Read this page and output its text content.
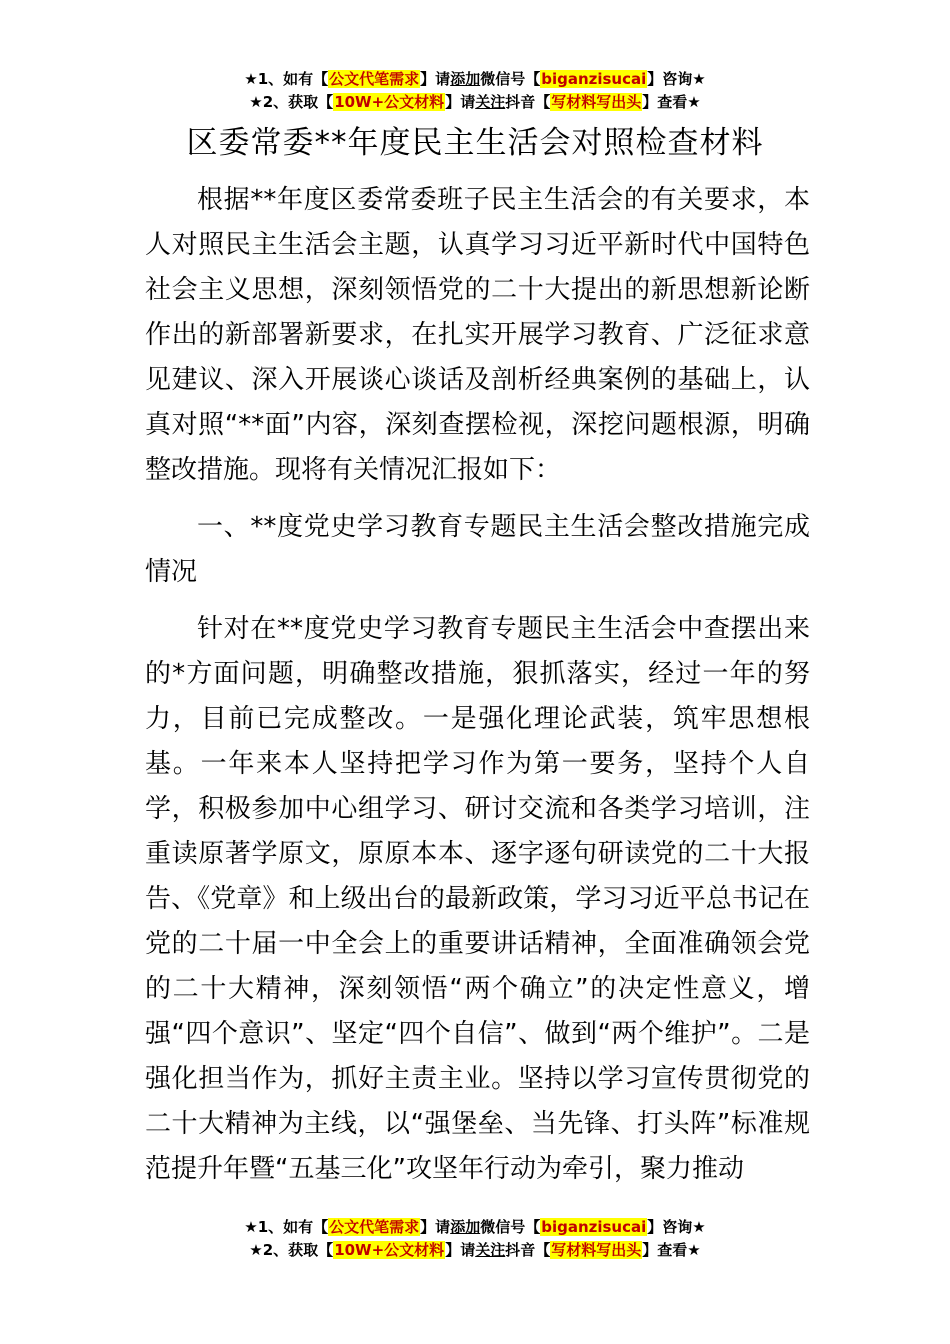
★1、如有【公文代笔需求】请添加微信号【biganzisucai】咨询★
★2、获取【10W+公文材料】请关注抖音【写材料写出头】查看★
区委常委**年度民主生活会对照检查材料

根据**年度区委常委班子民主生活会的有关要求，本人对照民主生活会主题，认真学习习近平新时代中国特色社会主义思想，深刻领悟党的二十大提出的新思想新论断作出的新部署新要求，在扎实开展学习教育、广泛征求意见建议、深入开展谈心谈话及剖析经典案例的基础上，认真对照“**面”内容，深刻查摆检视，深挖问题根源，明确整改措施。现将有关情况汇报如下：

一、**度党史学习教育专题民主生活会整改措施完成情况

针对在**度党史学习教育专题民主生活会中查摆出来的*方面问题，明确整改措施，狠抓落实，经过一年的努力，目前已完成整改。一是强化理论武装，筑牢思想根基。一年来本人坚持把学习作为第一要务，坚持个人自学，积极参加中心组学习、研讨交流和各类学习培训，注重读原著学原文，原原本本、逐字逐句研读党的二十大报告、《党章》和上级出台的最新政策，学习习近平总书记在党的二十届一中全会上的重要讲话精神，全面准确领会党的二十大精神，深刻领悟“两个确立”的决定性意义，增强“四个意识”、坚定“四个自信”、做到“两个维护”。二是强化担当作为，抓好主责主业。坚持以学习宣传贯彻党的二十大精神为主线，以“强堡垒、当先锋、打头阵”标准规范提升年暨“五基三化”攻坚年行动为牵引，聚力推动

★1、如有【公文代笔需求】请添加微信号【biganzisucai】咨询★
★2、获取【10W+公文材料】请关注抖音【写材料写出头】查看★
